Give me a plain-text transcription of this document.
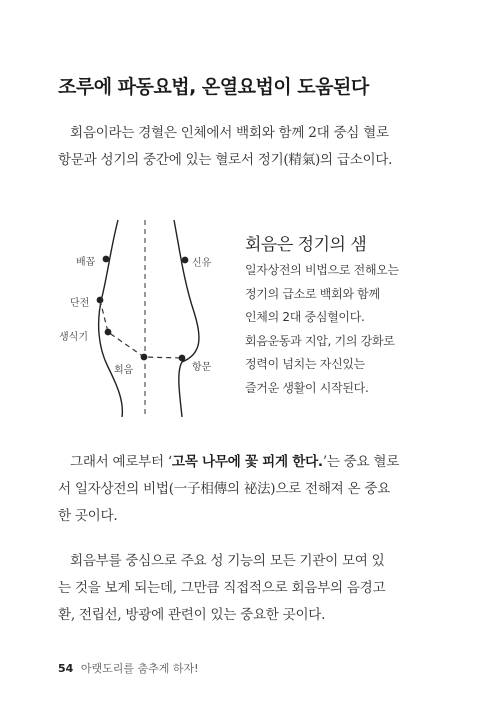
조루에 파동요법, 온열요법이 도움된다
회음이라는 경혈은 인체에서 백회와 함께 2대 중심 혈로
항문과 성기의 중간에 있는 혈로서 정기(精氣)의 급소이다.
배꼽
단전
생식기
회음
신유
항문
회음은 정기의 샘
일자상전의 비법으로 전해오는
정기의 급소로 백회와 함께
인체의 2대 중심혈이다.
회음운동과 지압, 기의 강화로
정력이 넘치는 자신있는
즐거운 생활이 시작된다.
그래서 예로부터 ‘고목 나무에 꽃 피게 한다.’는 중요 혈로
서 일자상전의 비법(一子相傳의 祕法)으로 전해져 온 중요
한 곳이다.
회음부를 중심으로 주요 성 기능의 모든 기관이 모여 있
는 것을 보게 되는데, 그만큼 직접적으로 회음부의 음경고
환, 전립선, 방광에 관련이 있는 중요한 곳이다.
54 아랫도리를 춤추게 하자!
